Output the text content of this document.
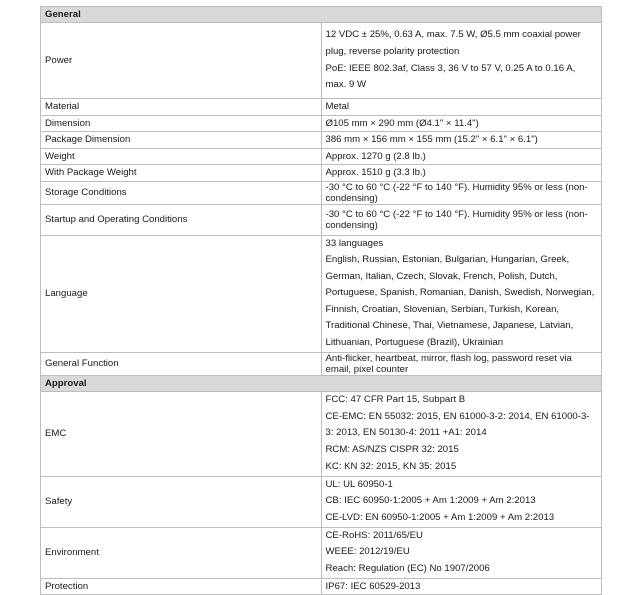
General	
Power	12 VDC ± 25%, 0.63 A, max. 7.5 W, Ø5.5 mm coaxial power plug, reverse polarity protection

PoE: IEEE 802.3af, Class 3, 36 V to 57 V, 0.25 A to 0.16 A, max. 9 W

Material	Metal
Dimension	Ø105 mm × 290 mm (Ø4.1" × 11.4")
Package Dimension	386 mm × 156 mm × 155 mm (15.2" × 6.1" × 6.1")
Weight	Approx. 1270 g (2.8 lb.)
With Package Weight	Approx. 1510 g (3.3 lb.)
Storage Conditions	-30 °C to 60 °C (-22 °F to 140 °F). Humidity 95% or less (non-condensing)
Startup and Operating Conditions	-30 °C to 60 °C (-22 °F to 140 °F). Humidity 95% or less (non-condensing)
Language	33 languages

English, Russian, Estonian, Bulgarian, Hungarian, Greek, German, Italian, Czech, Slovak, French, Polish, Dutch, Portuguese, Spanish, Romanian, Danish, Swedish, Norwegian, Finnish, Croatian, Slovenian, Serbian, Turkish, Korean, Traditional Chinese, Thai, Vietnamese, Japanese, Latvian, Lithuanian, Portuguese (Brazil), Ukrainian

General Function	Anti-flicker, heartbeat, mirror, flash log, password reset via email, pixel counter
Approval	
EMC	FCC: 47 CFR Part 15, Subpart B

CE-EMC: EN 55032: 2015, EN 61000-3-2: 2014, EN 61000-3-3: 2013, EN 50130-4: 2011 +A1: 2014

RCM: AS/NZS CISPR 32: 2015

KC: KN 32: 2015, KN 35: 2015

Safety	UL: UL 60950-1

CB: IEC 60950-1:2005 + Am 1:2009 + Am 2:2013

CE-LVD: EN 60950-1:2005 + Am 1:2009 + Am 2:2013

Environment	CE-RoHS: 2011/65/EU

WEEE: 2012/19/EU

Reach: Regulation (EC) No 1907/2006

Protection	IP67: IEC 60529-2013
